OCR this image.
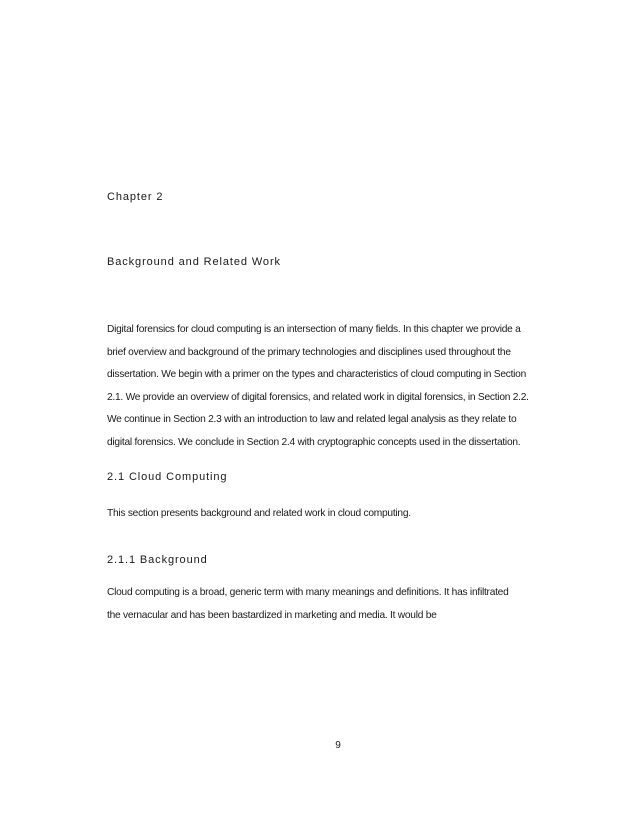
Chapter 2
Background and Related Work
Digital forensics for cloud computing is an intersection of many fields. In this chapter we provide a
brief overview and background of the primary technologies and disciplines used throughout the
dissertation. We begin with a primer on the types and characteristics of cloud computing in Section
2.1. We provide an overview of digital forensics, and related work in digital forensics, in Section 2.2.
We continue in Section 2.3 with an introduction to law and related legal analysis as they relate to
digital forensics. We conclude in Section 2.4 with cryptographic concepts used in the dissertation.
2.1 Cloud Computing
This section presents background and related work in cloud computing.
2.1.1 Background
Cloud computing is a broad, generic term with many meanings and definitions. It has infiltrated
the vernacular and has been bastardized in marketing and media. It would be
9
